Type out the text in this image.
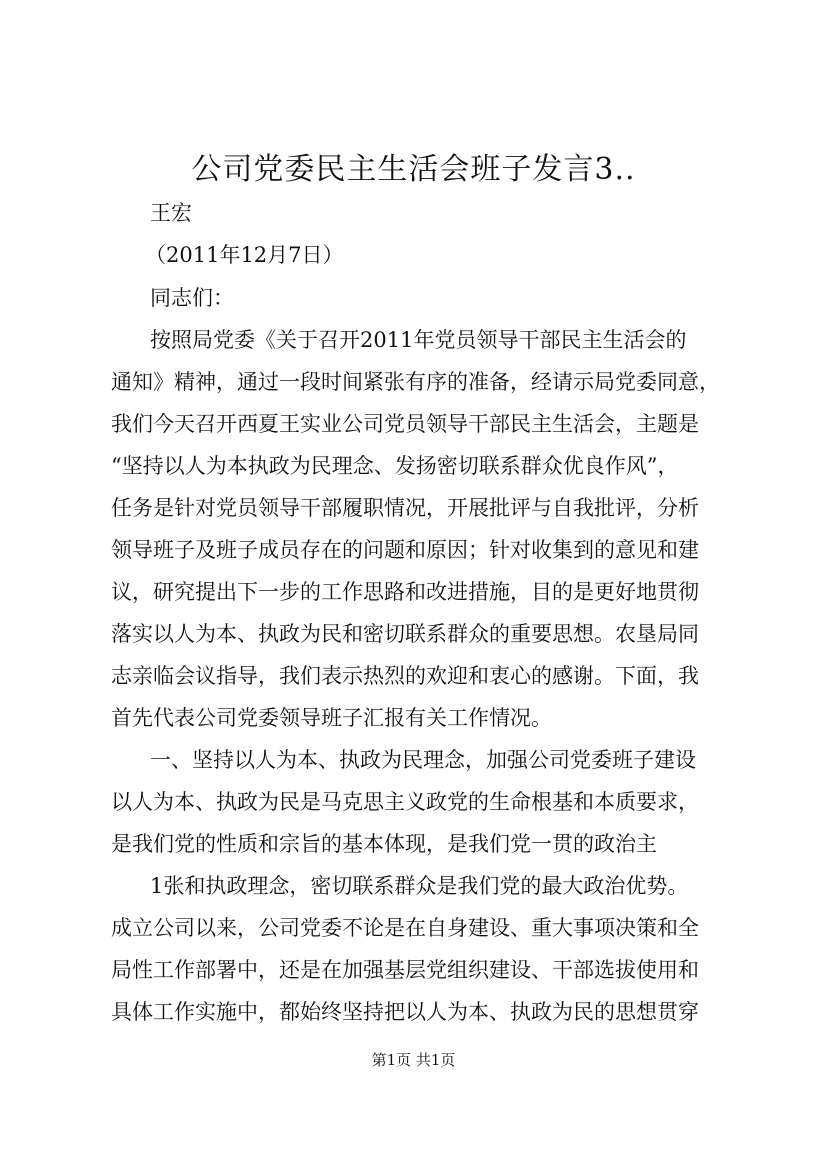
公司党委民主生活会班子发言3..
王宏
（2011年12月7日）
同志们：
按照局党委《关于召开2011年党员领导干部民主生活会的
通知》精神，通过一段时间紧张有序的准备，经请示局党委同意，
我们今天召开西夏王实业公司党员领导干部民主生活会，主题是
“坚持以人为本执政为民理念、发扬密切联系群众优良作风”，
任务是针对党员领导干部履职情况，开展批评与自我批评，分析
领导班子及班子成员存在的问题和原因；针对收集到的意见和建
议，研究提出下一步的工作思路和改进措施，目的是更好地贯彻
落实以人为本、执政为民和密切联系群众的重要思想。农垦局同
志亲临会议指导，我们表示热烈的欢迎和衷心的感谢。下面，我
首先代表公司党委领导班子汇报有关工作情况。
一、坚持以人为本、执政为民理念，加强公司党委班子建设
以人为本、执政为民是马克思主义政党的生命根基和本质要求，
是我们党的性质和宗旨的基本体现，是我们党一贯的政治主
1张和执政理念，密切联系群众是我们党的最大政治优势。
成立公司以来，公司党委不论是在自身建设、重大事项决策和全
局性工作部署中，还是在加强基层党组织建设、干部选拔使用和
具体工作实施中，都始终坚持把以人为本、执政为民的思想贯穿
第1页 共1页
